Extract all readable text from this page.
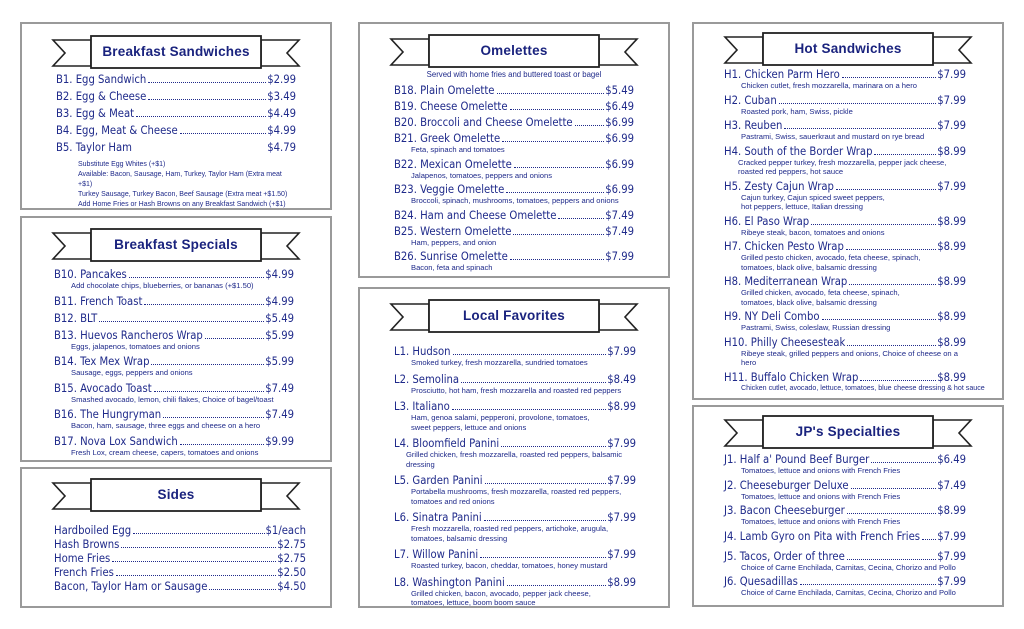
Breakfast Sandwiches
B1. Egg Sandwich	$2.99
B2. Egg & Cheese	$3.49
B3. Egg & Meat	$4.49
B4. Egg, Meat & Cheese	$4.99
B5. Taylor Ham	$4.79
Substitute Egg Whites (+$1)
Available: Bacon, Sausage, Ham, Turkey, Taylor Ham (Extra meat +$1)
Turkey Sausage, Turkey Bacon, Beef Sausage (Extra meat +$1.50)
Add Home Fries or Hash Browns on any Breakfast Sandwich (+$1)
Breakfast Specials
B10. Pancakes	$4.99
Add chocolate chips, blueberries, or bananas (+$1.50)
B11. French Toast	$4.99
B12. BLT	$5.49
B13. Huevos Rancheros Wrap	$5.99
Eggs, jalapenos, tomatoes and onions
B14. Tex Mex Wrap	$5.99
Sausage, eggs, peppers and onions
B15. Avocado Toast	$7.49
Smashed avocado, lemon, chili flakes, Choice of bagel/toast
B16. The Hungryman	$7.49
Bacon, ham, sausage, three eggs and cheese on a hero
B17. Nova Lox Sandwich	$9.99
Fresh Lox, cream cheese, capers, tomatoes and onions
Sides
Hardboiled Egg	$1/each
Hash Browns	$2.75
Home Fries	$2.75
French Fries	$2.50
Bacon, Taylor Ham or Sausage	$4.50
Omelettes
Served with home fries and buttered toast or bagel
B18. Plain Omelette	$5.49
B19. Cheese Omelette	$6.49
B20. Broccoli and Cheese Omelette	$6.99
B21. Greek Omelette	$6.99
Feta, spinach and tomatoes
B22. Mexican Omelette	$6.99
Jalapenos, tomatoes, peppers and onions
B23. Veggie Omelette	$6.99
Broccoli, spinach, mushrooms, tomatoes, peppers and onions
B24. Ham and Cheese Omelette	$7.49
B25. Western Omelette	$7.49
Ham, peppers, and onion
B26. Sunrise Omelette	$7.99
Bacon, feta and spinach
Local Favorites
L1. Hudson	$7.99
Smoked turkey, fresh mozzarella, sundried tomatoes
L2. Semolina	$8.49
Prosciutto, hot ham, fresh mozzarella and roasted red peppers
L3. Italiano	$8.99
Ham, genoa salami, pepperoni, provolone, tomatoes, sweet peppers, lettuce and onions
L4. Bloomfield Panini	$7.99
Grilled chicken, fresh mozzarella, roasted red peppers, balsamic dressing
L5. Garden Panini	$7.99
Portabella mushrooms, fresh mozzarella, roasted red peppers, tomatoes and red onions
L6. Sinatra Panini	$7.99
Fresh mozzarella, roasted red peppers, artichoke, arugula, tomatoes, balsamic dressing
L7. Willow Panini	$7.99
Roasted turkey, bacon, cheddar, tomatoes, honey mustard
L8. Washington Panini	$8.99
Grilled chicken, bacon, avocado, pepper jack cheese, tomatoes, lettuce, boom boom sauce
Hot Sandwiches
H1. Chicken Parm Hero	$7.99
Chicken cutlet, fresh mozzarella, marinara on a hero
H2. Cuban	$7.99
Roasted pork, ham, Swiss, pickle
H3. Reuben	$7.99
Pastrami, Swiss, sauerkraut and mustard on rye bread
H4. South of the Border Wrap	$8.99
Cracked pepper turkey, fresh mozzarella, pepper jack cheese, roasted red peppers, hot sauce
H5. Zesty Cajun Wrap	$7.99
Cajun turkey, Cajun spiced sweet peppers, hot peppers, lettuce, Italian dressing
H6. El Paso Wrap	$8.99
Ribeye steak, bacon, tomatoes and onions
H7. Chicken Pesto Wrap	$8.99
Grilled pesto chicken, avocado, feta cheese, spinach, tomatoes, black olive, balsamic dressing
H8. Mediterranean Wrap	$8.99
Grilled chicken, avocado, feta cheese, spinach, tomatoes, black olive, balsamic dressing
H9. NY Deli Combo	$8.99
Pastrami, Swiss, coleslaw, Russian dressing
H10. Philly Cheesesteak	$8.99
Ribeye steak, grilled peppers and onions, Choice of cheese on a hero
H11. Buffalo Chicken Wrap	$8.99
Chicken cutlet, avocado, lettuce, tomatoes, blue cheese dressing & hot sauce
JP's Specialties
J1. Half a' Pound Beef Burger	$6.49
Tomatoes, lettuce and onions with French Fries
J2. Cheeseburger Deluxe	$7.49
Tomatoes, lettuce and onions with French Fries
J3. Bacon Cheeseburger	$8.99
Tomatoes, lettuce and onions with French Fries
J4. Lamb Gyro on Pita with French Fries $7.99
J5. Tacos, Order of three	$7.99
Choice of Carne Enchilada, Carnitas, Cecina, Chorizo and Pollo
J6. Quesadillas	$7.99
Choice of Carne Enchilada, Carnitas, Cecina, Chorizo and Pollo
